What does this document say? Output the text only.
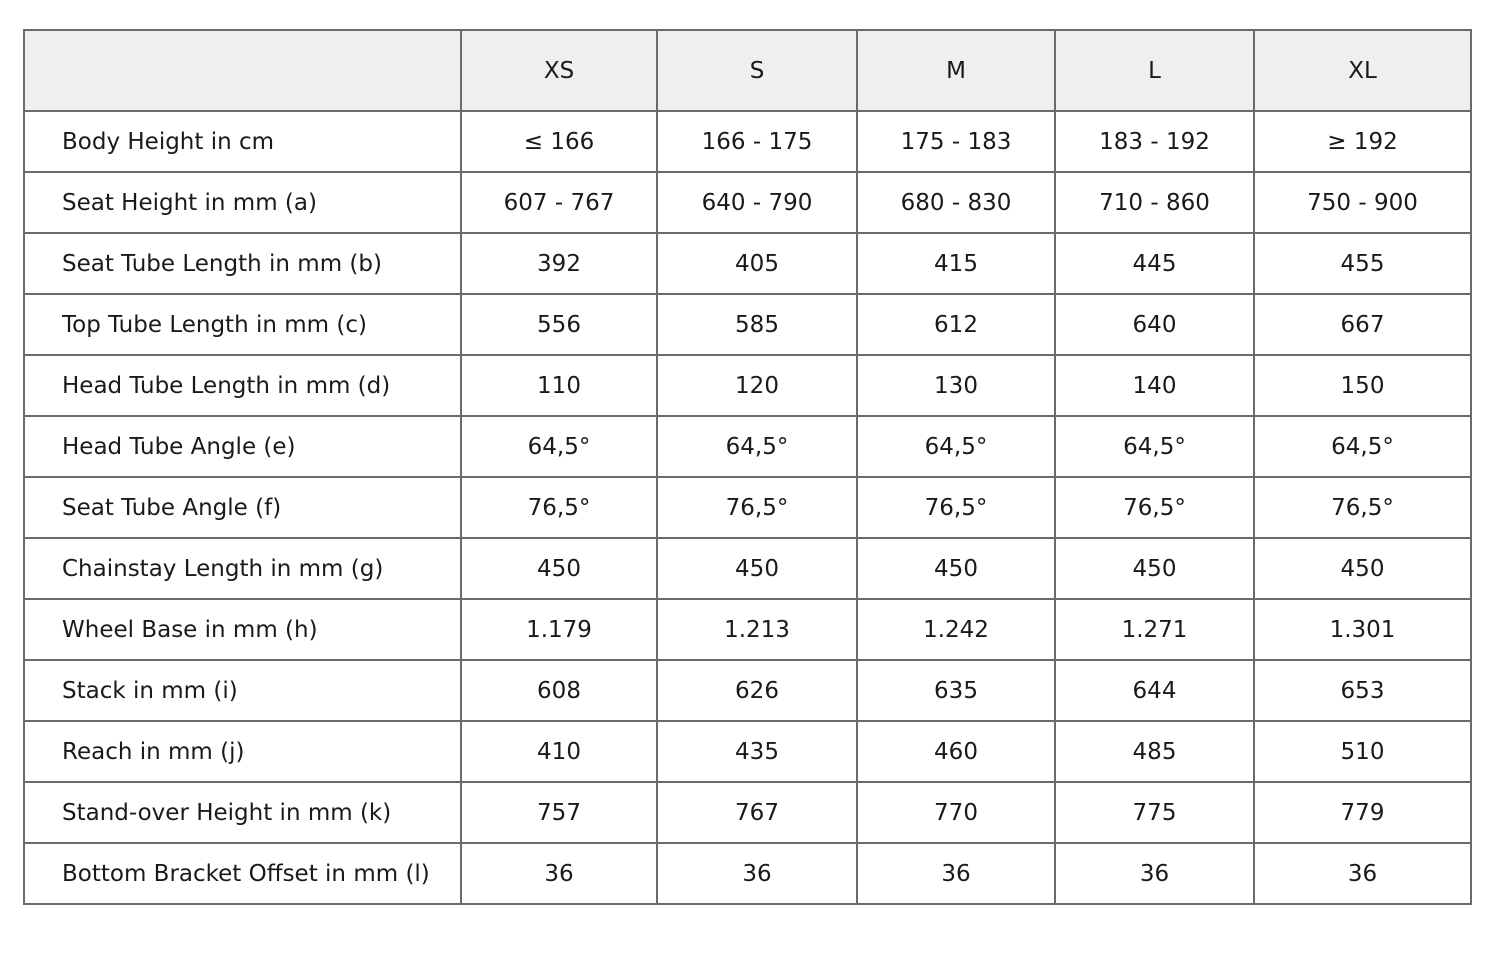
	XS	S	M	L	XL
Body Height in cm	≤ 166	166 - 175	175 - 183	183 - 192	≥ 192
Seat Height in mm (a)	607 - 767	640 - 790	680 - 830	710 - 860	750 - 900
Seat Tube Length in mm (b)	392	405	415	445	455
Top Tube Length in mm (c)	556	585	612	640	667
Head Tube Length in mm (d)	110	120	130	140	150
Head Tube Angle (e)	64,5°	64,5°	64,5°	64,5°	64,5°
Seat Tube Angle (f)	76,5°	76,5°	76,5°	76,5°	76,5°
Chainstay Length in mm (g)	450	450	450	450	450
Wheel Base in mm (h)	1.179	1.213	1.242	1.271	1.301
Stack in mm (i)	608	626	635	644	653
Reach in mm (j)	410	435	460	485	510
Stand-over Height in mm (k)	757	767	770	775	779
Bottom Bracket Offset in mm (l)	36	36	36	36	36
